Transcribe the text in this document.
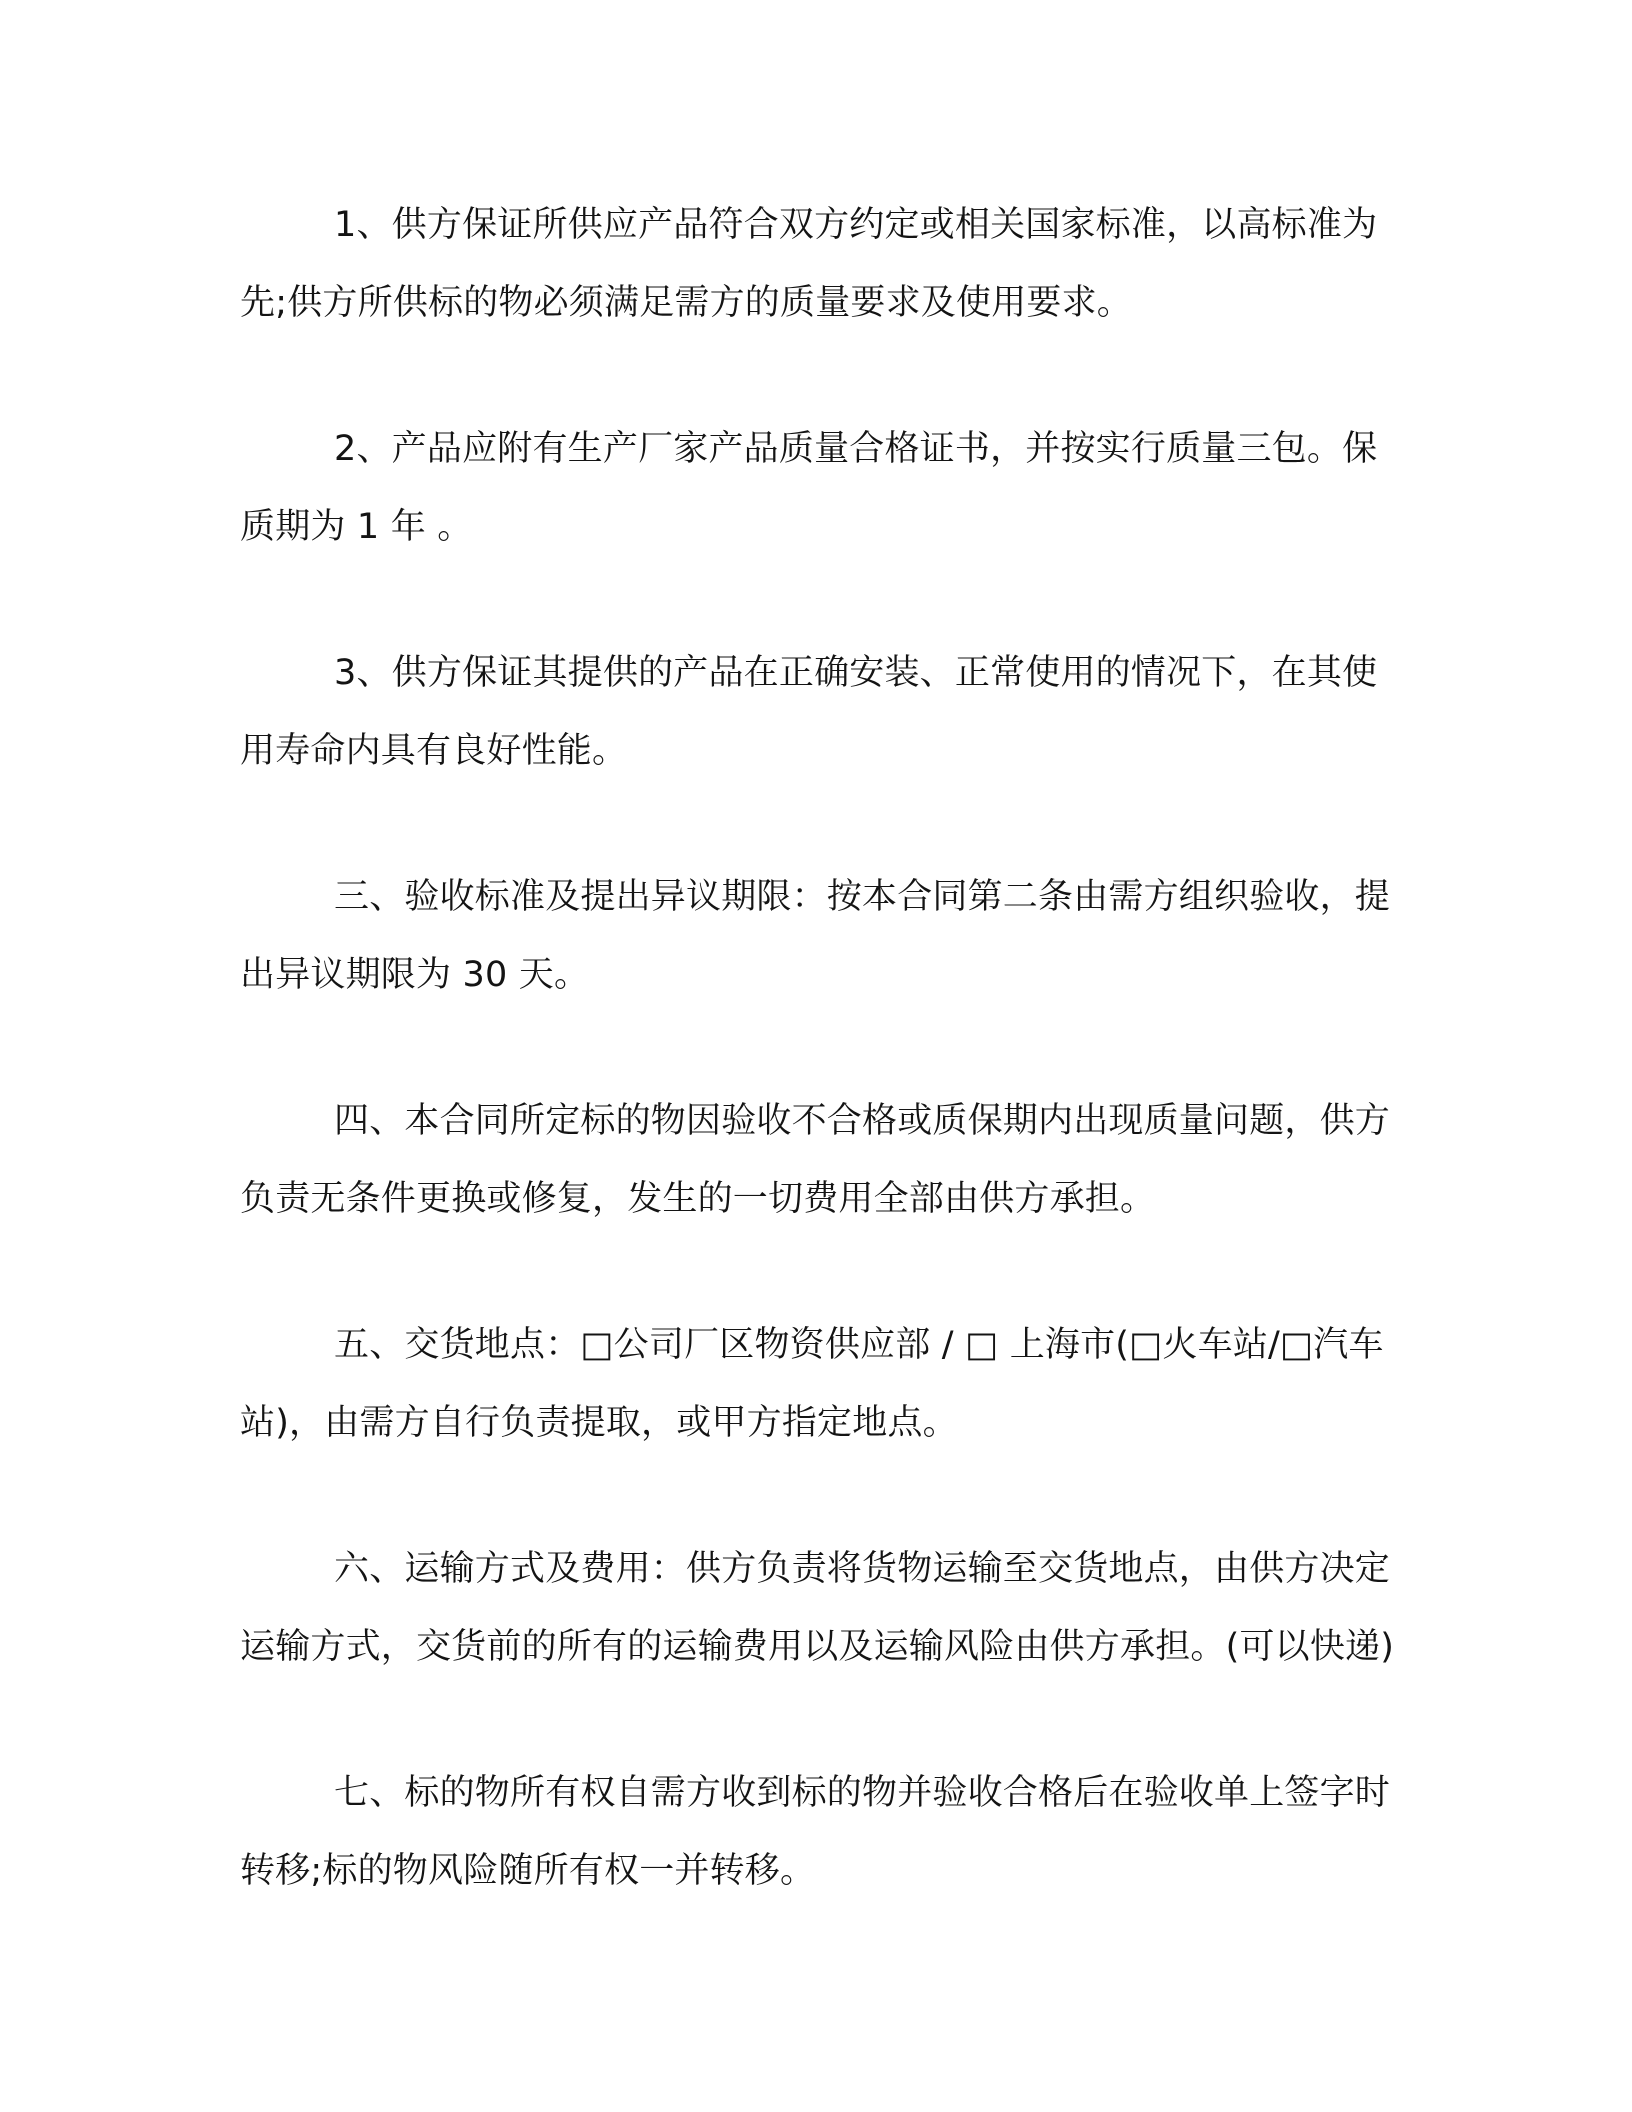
1、供方保证所供应产品符合双方约定或相关国家标准，以高标准为先;供方所供标的物必须满足需方的质量要求及使用要求。

2、产品应附有生产厂家产品质量合格证书，并按实行质量三包。保质期为 1 年 。

3、供方保证其提供的产品在正确安装、正常使用的情况下，在其使用寿命内具有良好性能。

三、验收标准及提出异议期限：按本合同第二条由需方组织验收，提出异议期限为 30 天。

四、本合同所定标的物因验收不合格或质保期内出现质量问题，供方负责无条件更换或修复，发生的一切费用全部由供方承担。

五、交货地点：□公司厂区物资供应部 / □ 上海市(□火车站/□汽车站)，由需方自行负责提取，或甲方指定地点。

六、运输方式及费用：供方负责将货物运输至交货地点，由供方决定运输方式，交货前的所有的运输费用以及运输风险由供方承担。(可以快递)

七、标的物所有权自需方收到标的物并验收合格后在验收单上签字时转移;标的物风险随所有权一并转移。
